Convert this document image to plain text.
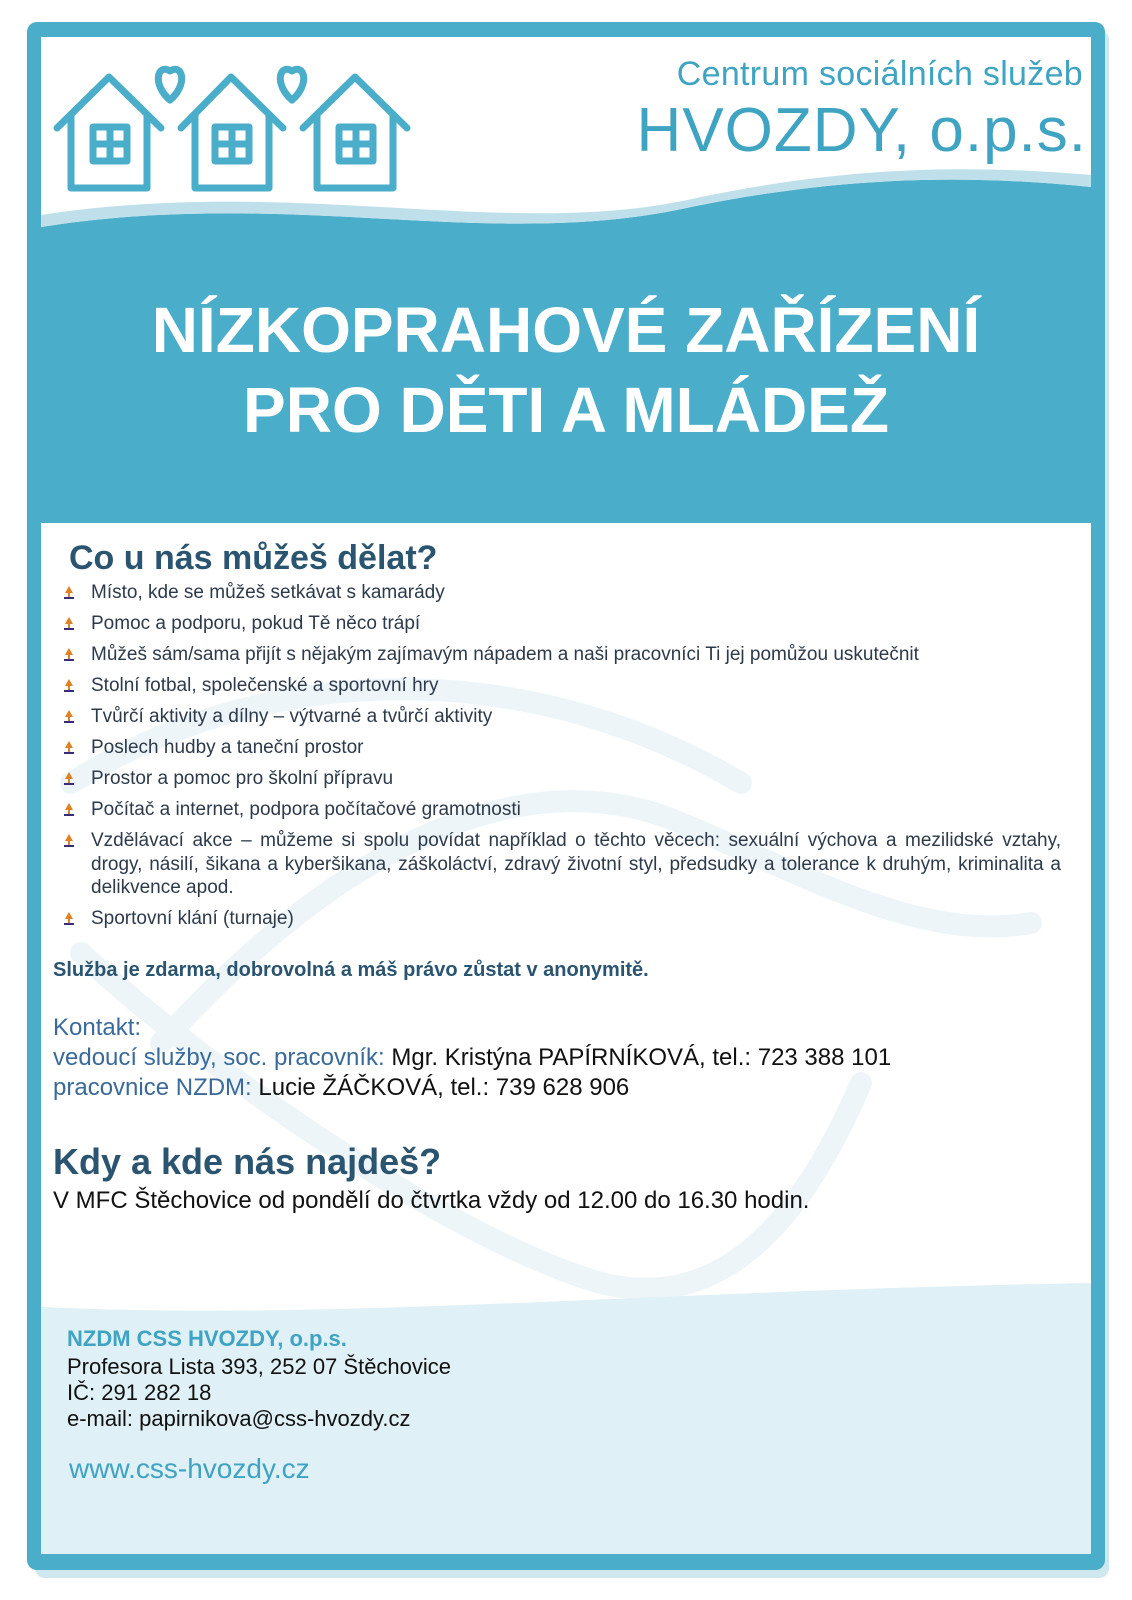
Centrum sociálních služeb
HVOZDY, o.p.s.
NÍZKOPRAHOVÉ ZAŘÍZENÍ
PRO DĚTI A MLÁDEŽ
Co u nás můžeš dělat?
Místo, kde se můžeš setkávat s kamarády
Pomoc a podporu, pokud Tě něco trápí
Můžeš sám/sama přijít s nějakým zajímavým nápadem a naši pracovníci Ti jej pomůžou uskutečnit
Stolní fotbal, společenské a sportovní hry
Tvůrčí aktivity a dílny – výtvarné a tvůrčí aktivity
Poslech hudby a taneční prostor
Prostor a pomoc pro školní přípravu
Počítač a internet, podpora počítačové gramotnosti
Vzdělávací akce – můžeme si spolu povídat například o těchto věcech: sexuální výchova a mezilidské vztahy, drogy, násilí, šikana a kyberšikana, záškoláctví, zdravý životní styl, předsudky a tolerance k druhým, kriminalita a delikvence apod.
Sportovní klání (turnaje)
Služba je zdarma, dobrovolná a máš právo zůstat v anonymitě.
Kontakt:
vedoucí služby, soc. pracovník: Mgr. Kristýna PAPÍRNÍKOVÁ, tel.: 723 388 101
pracovnice NZDM: Lucie ŽÁČKOVÁ, tel.: 739 628 906
Kdy a kde nás najdeš?
V MFC Štěchovice od pondělí do čtvrtka vždy od 12.00 do 16.30 hodin.
NZDM CSS HVOZDY, o.p.s.
Profesora Lista 393, 252 07 Štěchovice
IČ: 291 282 18
e-mail: papirnikova@css-hvozdy.cz
www.css-hvozdy.cz
